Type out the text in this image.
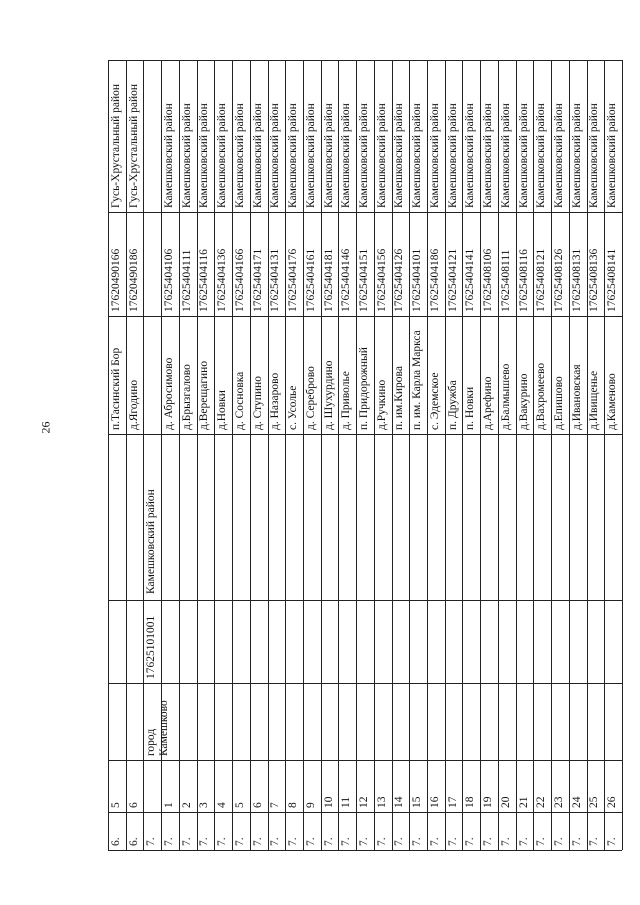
26
Гусь-Хрустальный район
17620490166
п.Тасинский Бор
5
6.
Гусь-Хрустальный район
17620490186
д.Ягодино
6
6.
Камешковский район
17625101001
город Камешково
7.
Камешковский район
17625404106
д. Абросимово
1
7.
Камешковский район
17625404111
д.Брызгалово
2
7.
Камешковский район
17625404116
д.Верещагино
3
7.
Камешковский район
17625404136
д.Новки
4
7.
Камешковский район
17625404166
д. Сосновка
5
7.
Камешковский район
17625404171
д. Ступино
6
7.
Камешковский район
17625404131
д. Назарово
7
7.
Камешковский район
17625404176
с. Усолье
8
7.
Камешковский район
17625404161
д. Сереброво
9
7.
Камешковский район
17625404181
д. Шухурдино
10
7.
Камешковский район
17625404146
д. Приволье
11
7.
Камешковский район
17625404151
п. Придорожный
12
7.
Камешковский район
17625404156
д.Ручкино
13
7.
Камешковский район
17625404126
п. им.Кирова
14
7.
Камешковский район
17625404101
п. им. Карла Маркса
15
7.
Камешковский район
17625404186
с. Эдемское
16
7.
Камешковский район
17625404121
п. Дружба
17
7.
Камешковский район
17625404141
п. Новки
18
7.
Камешковский район
17625408106
д.Арефино
19
7.
Камешковский район
17625408111
д.Балмышево
20
7.
Камешковский район
17625408116
д.Вакурино
21
7.
Камешковский район
17625408121
д.Вахромеево
22
7.
Камешковский район
17625408126
д.Епишово
23
7.
Камешковский район
17625408131
д.Ивановская
24
7.
Камешковский район
17625408136
д.Ивищенье
25
7.
Камешковский район
17625408141
д.Каменово
26
7.
